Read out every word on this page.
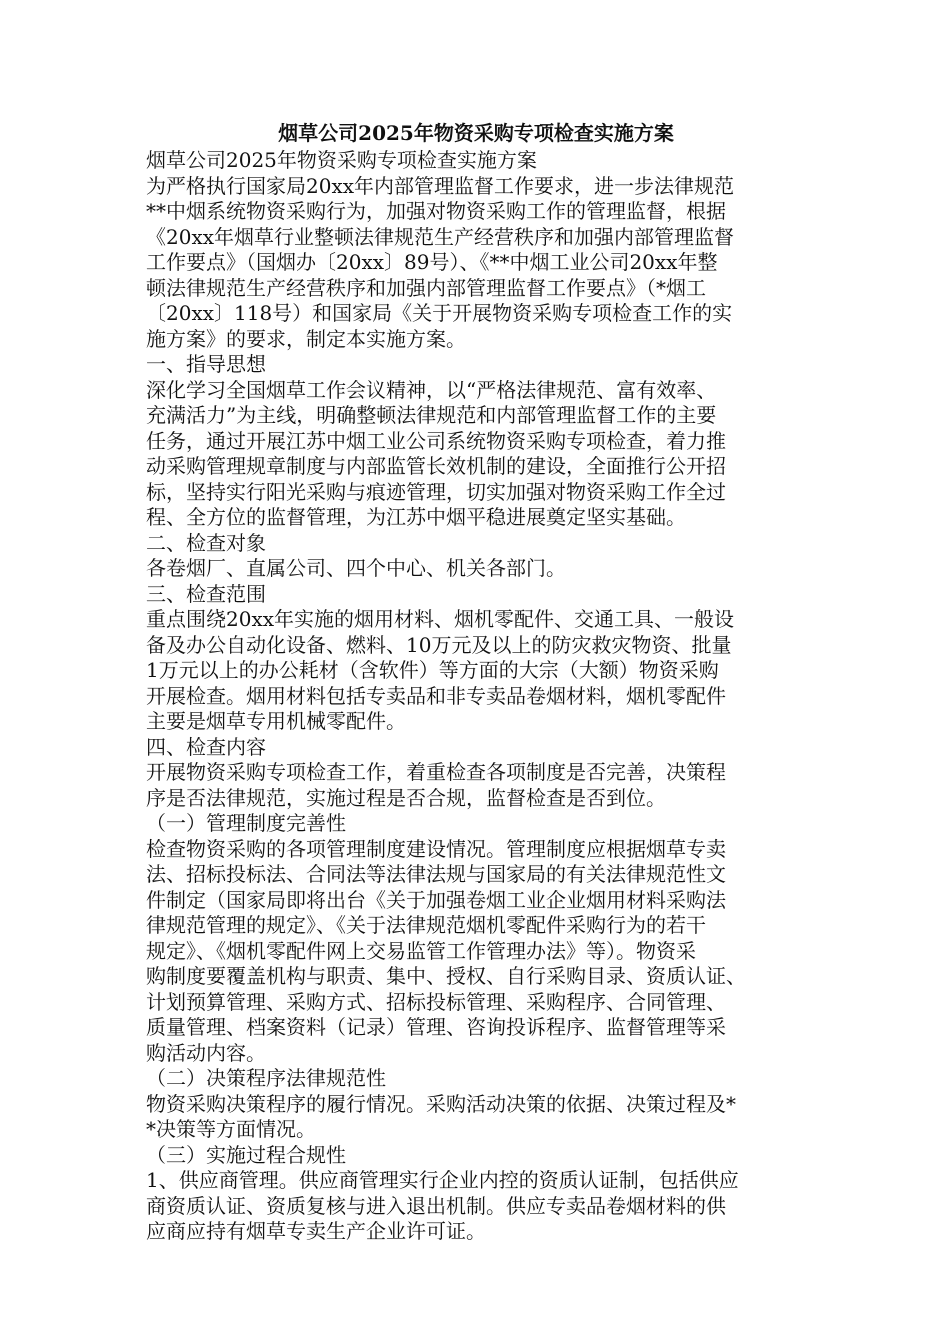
烟草公司2025年物资采购专项检查实施方案
烟草公司2025年物资采购专项检查实施方案
为严格执行国家局20xx年内部管理监督工作要求，进一步法律规范
**中烟系统物资采购行为，加强对物资采购工作的管理监督，根据
《20xx年烟草行业整顿法律规范生产经营秩序和加强内部管理监督
工作要点》（国烟办〔20xx〕89号）、《**中烟工业公司20xx年整
顿法律规范生产经营秩序和加强内部管理监督工作要点》（*烟工
〔20xx〕118号）和国家局《关于开展物资采购专项检查工作的实
施方案》的要求，制定本实施方案。
一、指导思想
深化学习全国烟草工作会议精神，以“严格法律规范、富有效率、
充满活力”为主线，明确整顿法律规范和内部管理监督工作的主要
任务，通过开展江苏中烟工业公司系统物资采购专项检查，着力推
动采购管理规章制度与内部监管长效机制的建设，全面推行公开招
标，坚持实行阳光采购与痕迹管理，切实加强对物资采购工作全过
程、全方位的监督管理，为江苏中烟平稳进展奠定坚实基础。
二、检查对象
各卷烟厂、直属公司、四个中心、机关各部门。
三、检查范围
重点围绕20xx年实施的烟用材料、烟机零配件、交通工具、一般设
备及办公自动化设备、燃料、10万元及以上的防灾救灾物资、批量
1万元以上的办公耗材（含软件）等方面的大宗（大额）物资采购
开展检查。烟用材料包括专卖品和非专卖品卷烟材料，烟机零配件
主要是烟草专用机械零配件。
四、检查内容
开展物资采购专项检查工作，着重检查各项制度是否完善，决策程
序是否法律规范，实施过程是否合规，监督检查是否到位。
（一）管理制度完善性
检查物资采购的各项管理制度建设情况。管理制度应根据烟草专卖
法、招标投标法、合同法等法律法规与国家局的有关法律规范性文
件制定（国家局即将出台《关于加强卷烟工业企业烟用材料采购法
律规范管理的规定》、《关于法律规范烟机零配件采购行为的若干
规定》、《烟机零配件网上交易监管工作管理办法》等）。物资采
购制度要覆盖机构与职责、集中、授权、自行采购目录、资质认证、
计划预算管理、采购方式、招标投标管理、采购程序、合同管理、
质量管理、档案资料（记录）管理、咨询投诉程序、监督管理等采
购活动内容。
（二）决策程序法律规范性
物资采购决策程序的履行情况。采购活动决策的依据、决策过程及*
*决策等方面情况。
（三）实施过程合规性
1、供应商管理。供应商管理实行企业内控的资质认证制，包括供应
商资质认证、资质复核与进入退出机制。供应专卖品卷烟材料的供
应商应持有烟草专卖生产企业许可证。
